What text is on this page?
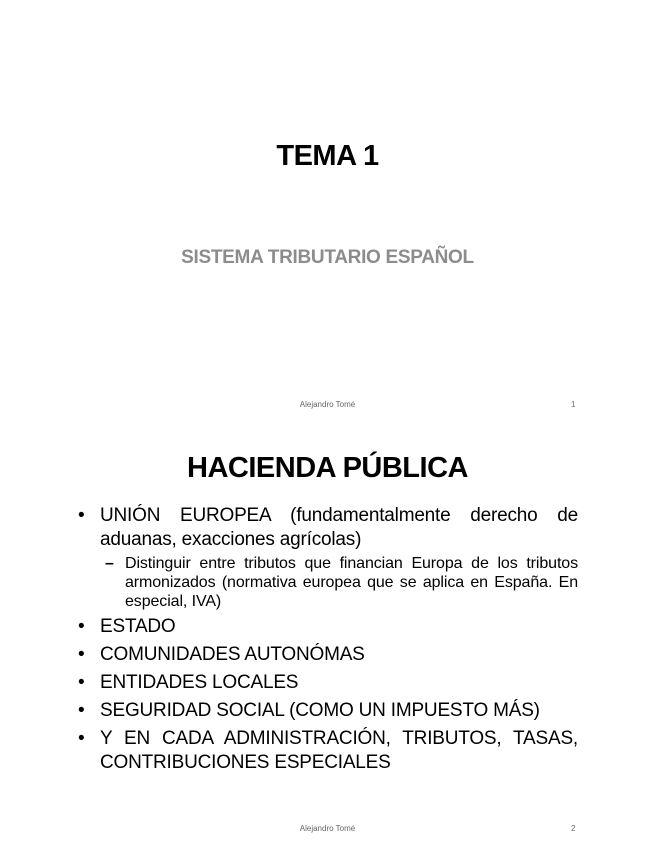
TEMA 1
SISTEMA TRIBUTARIO ESPAÑOL
Alejandro Tomé	1
HACIENDA PÚBLICA
• UNIÓN EUROPEA (fundamentalmente derecho de aduanas, exacciones agrícolas)
– Distinguir entre tributos que financian Europa de los tributos armonizados (normativa europea que se aplica en España. En especial, IVA)
• ESTADO
• COMUNIDADES AUTONÓMAS
• ENTIDADES LOCALES
• SEGURIDAD SOCIAL (COMO UN IMPUESTO MÁS)
• Y EN CADA ADMINISTRACIÓN, TRIBUTOS, TASAS, CONTRIBUCIONES ESPECIALES
Alejandro Tomé	2
